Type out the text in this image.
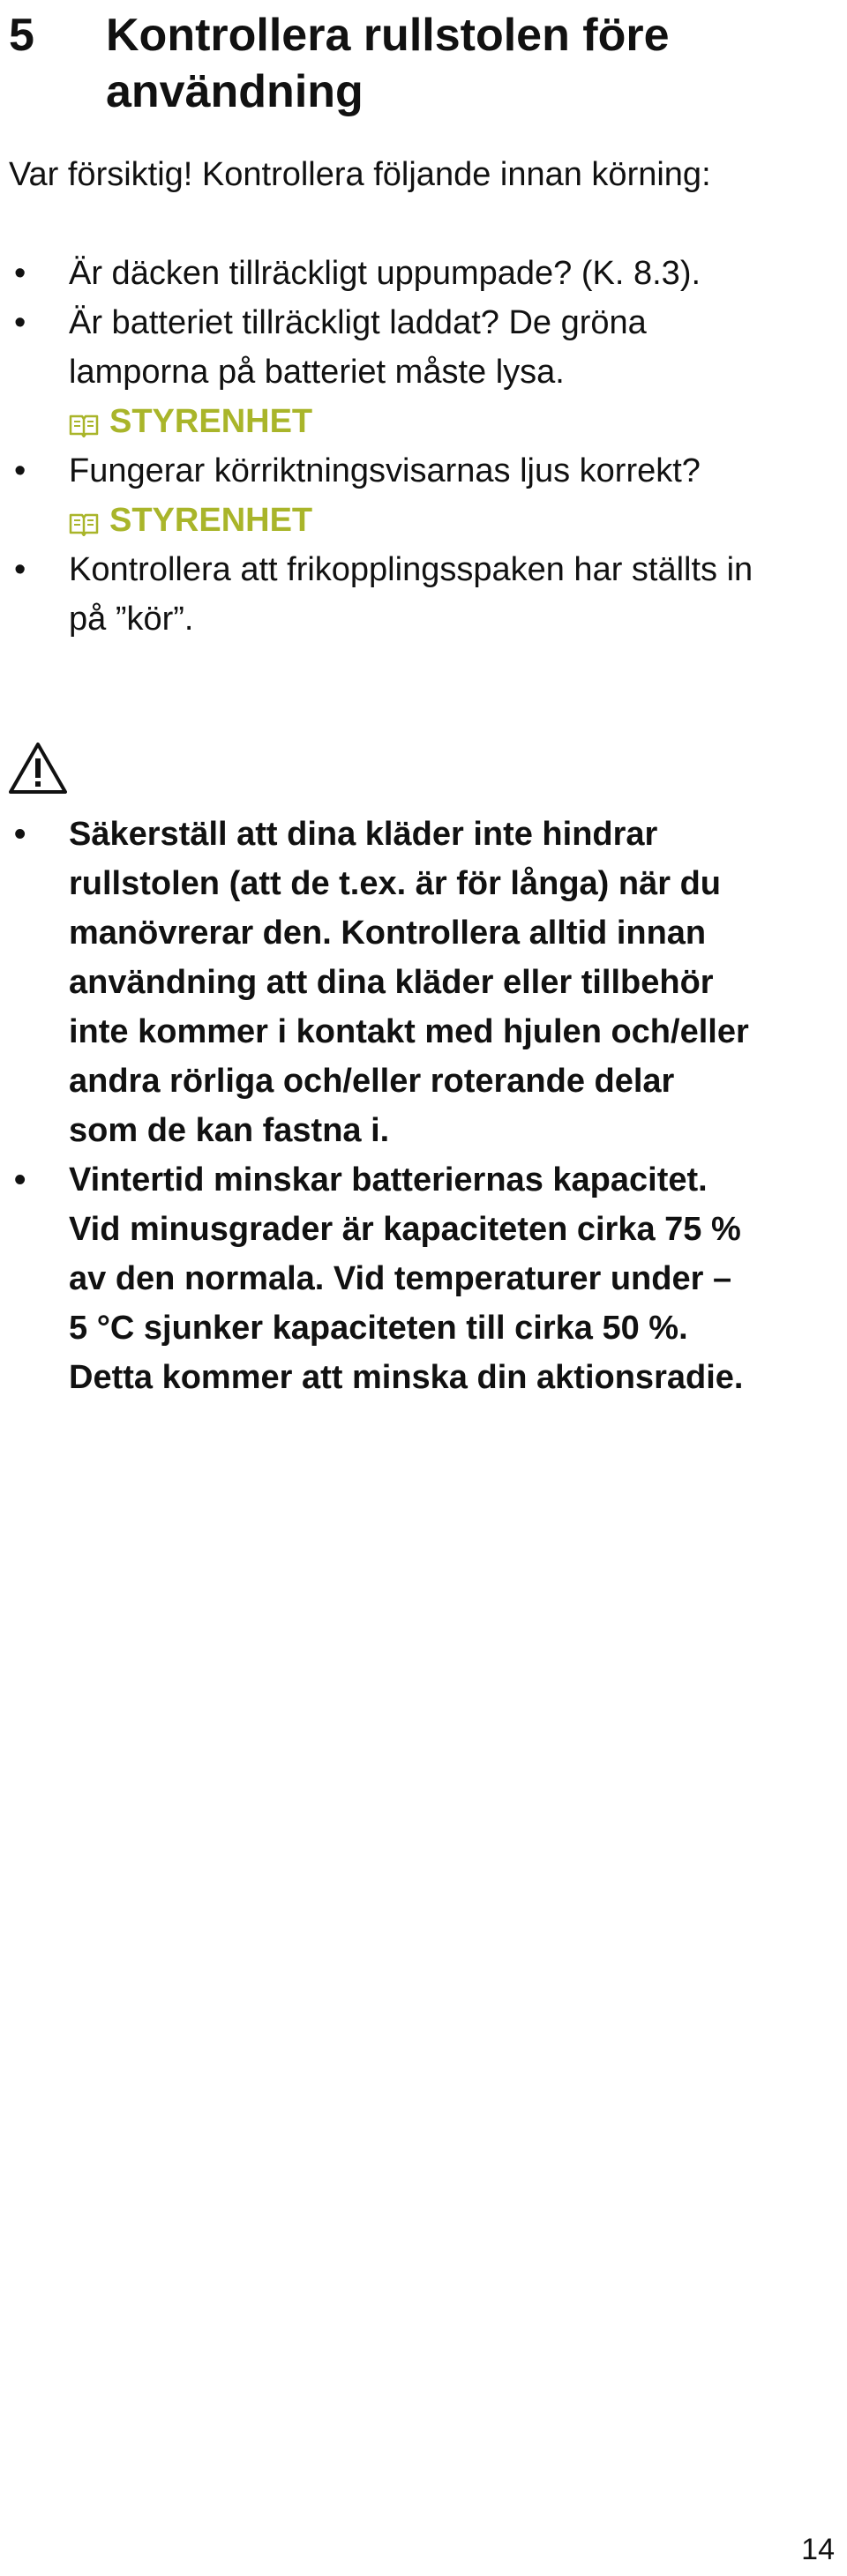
5	Kontrollera rullstolen före användning

Var försiktig! Kontrollera följande innan körning:

• Är däcken tillräckligt uppumpade? (K. 8.3).
• Är batteriet tillräckligt laddat? De gröna lamporna på batteriet måste lysa. STYRENHET
• Fungerar körriktningsvisarnas ljus korrekt? STYRENHET
• Kontrollera att frikopplingsspaken har ställts in på ”kör”.
• Säkerställ att dina kläder inte hindrar rullstolen (att de t.ex. är för långa) när du manövrerar den. Kontrollera alltid innan användning att dina kläder eller tillbehör inte kommer i kontakt med hjulen och/eller andra rörliga och/eller roterande delar som de kan fastna i.
• Vintertid minskar batteriernas kapacitet. Vid minusgrader är kapaciteten cirka 75 % av den normala. Vid temperaturer under – 5 °C sjunker kapaciteten till cirka 50 %. Detta kommer att minska din aktionsradie.
14
